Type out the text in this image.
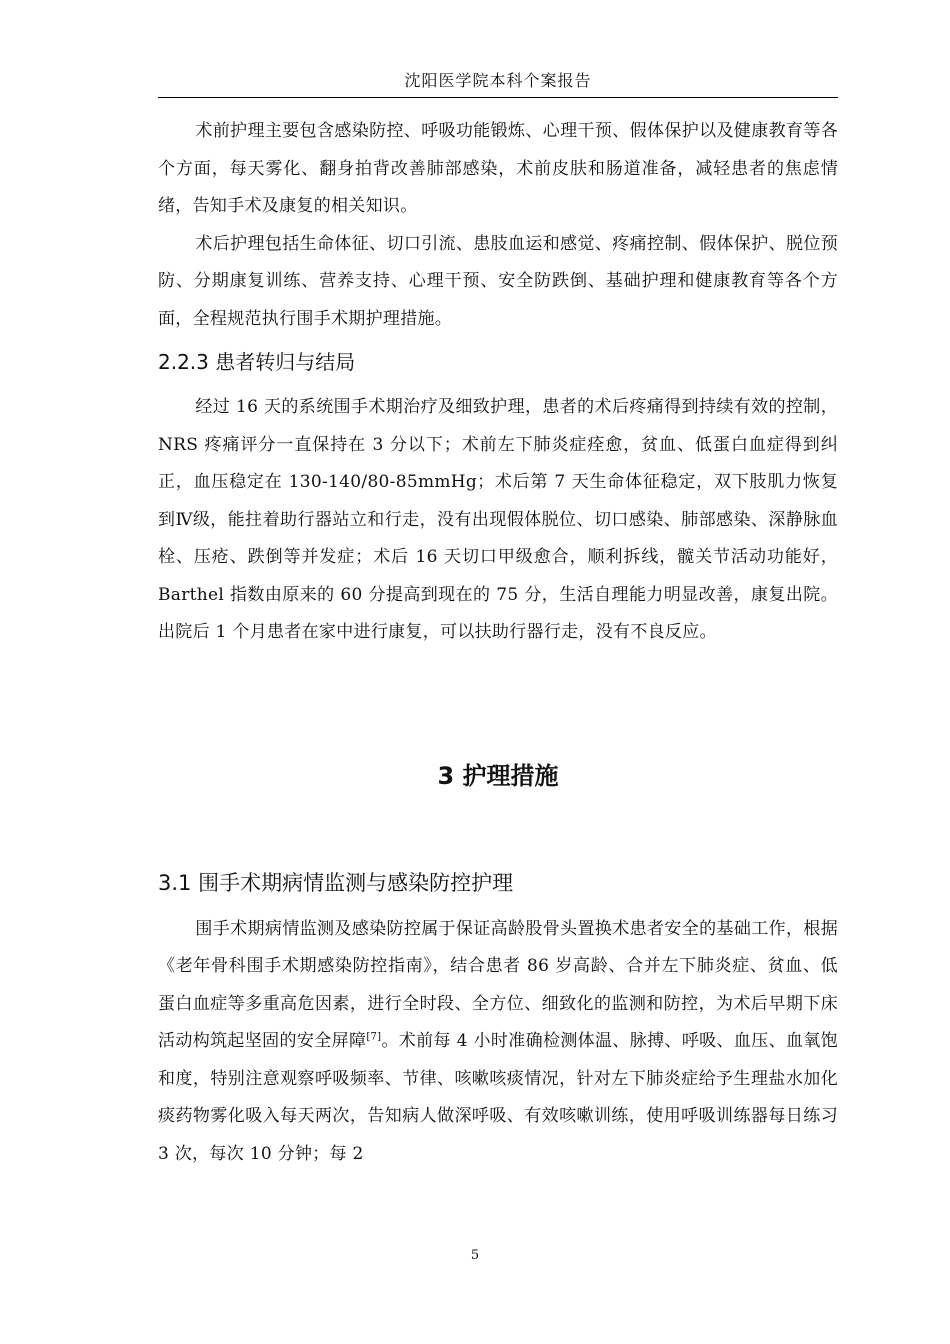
沈阳医学院本科个案报告

术前护理主要包含感染防控、呼吸功能锻炼、心理干预、假体保护以及健康教育等各个方面，每天雾化、翻身拍背改善肺部感染，术前皮肤和肠道准备，减轻患者的焦虑情绪，告知手术及康复的相关知识。

术后护理包括生命体征、切口引流、患肢血运和感觉、疼痛控制、假体保护、脱位预防、分期康复训练、营养支持、心理干预、安全防跌倒、基础护理和健康教育等各个方面，全程规范执行围手术期护理措施。

2.2.3 患者转归与结局

经过 16 天的系统围手术期治疗及细致护理，患者的术后疼痛得到持续有效的控制，NRS 疼痛评分一直保持在 3 分以下；术前左下肺炎症痊愈，贫血、低蛋白血症得到纠正，血压稳定在 130-140/80-85mmHg；术后第 7 天生命体征稳定，双下肢肌力恢复到Ⅳ级，能拄着助行器站立和行走，没有出现假体脱位、切口感染、肺部感染、深静脉血栓、压疮、跌倒等并发症；术后 16 天切口甲级愈合，顺利拆线，髋关节活动功能好，Barthel 指数由原来的 60 分提高到现在的 75 分，生活自理能力明显改善，康复出院。出院后 1 个月患者在家中进行康复，可以扶助行器行走，没有不良反应。

3 护理措施
3.1 围手术期病情监测与感染防控护理

围手术期病情监测及感染防控属于保证高龄股骨头置换术患者安全的基础工作，根据《老年骨科围手术期感染防控指南》，结合患者 86 岁高龄、合并左下肺炎症、贫血、低蛋白血症等多重高危因素，进行全时段、全方位、细致化的监测和防控，为术后早期下床活动构筑起坚固的安全屏障[7]。术前每 4 小时准确检测体温、脉搏、呼吸、血压、血氧饱和度，特别注意观察呼吸频率、节律、咳嗽咳痰情况，针对左下肺炎症给予生理盐水加化痰药物雾化吸入每天两次，告知病人做深呼吸、有效咳嗽训练，使用呼吸训练器每日练习 3 次，每次 10 分钟；每 2

5
